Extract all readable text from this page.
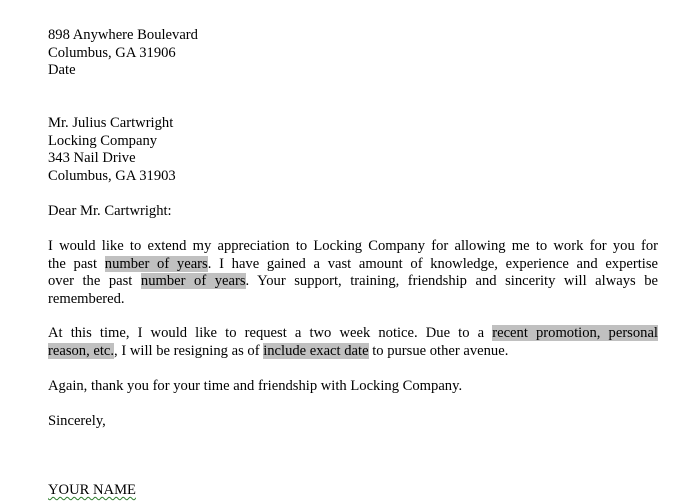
898 Anywhere Boulevard
Columbus, GA 31906
Date
Mr. Julius Cartwright
Locking Company
343 Nail Drive
Columbus, GA 31903
Dear Mr. Cartwright:
I would like to extend my appreciation to Locking Company for allowing me to work for you for
the past number of years. I have gained a vast amount of knowledge, experience and expertise
over the past number of years. Your support, training, friendship and sincerity will always be
remembered.
At this time, I would like to request a two week notice. Due to a recent promotion, personal
reason, etc., I will be resigning as of include exact date to pursue other avenue.
Again, thank you for your time and friendship with Locking Company.
Sincerely,
YOUR NAME
